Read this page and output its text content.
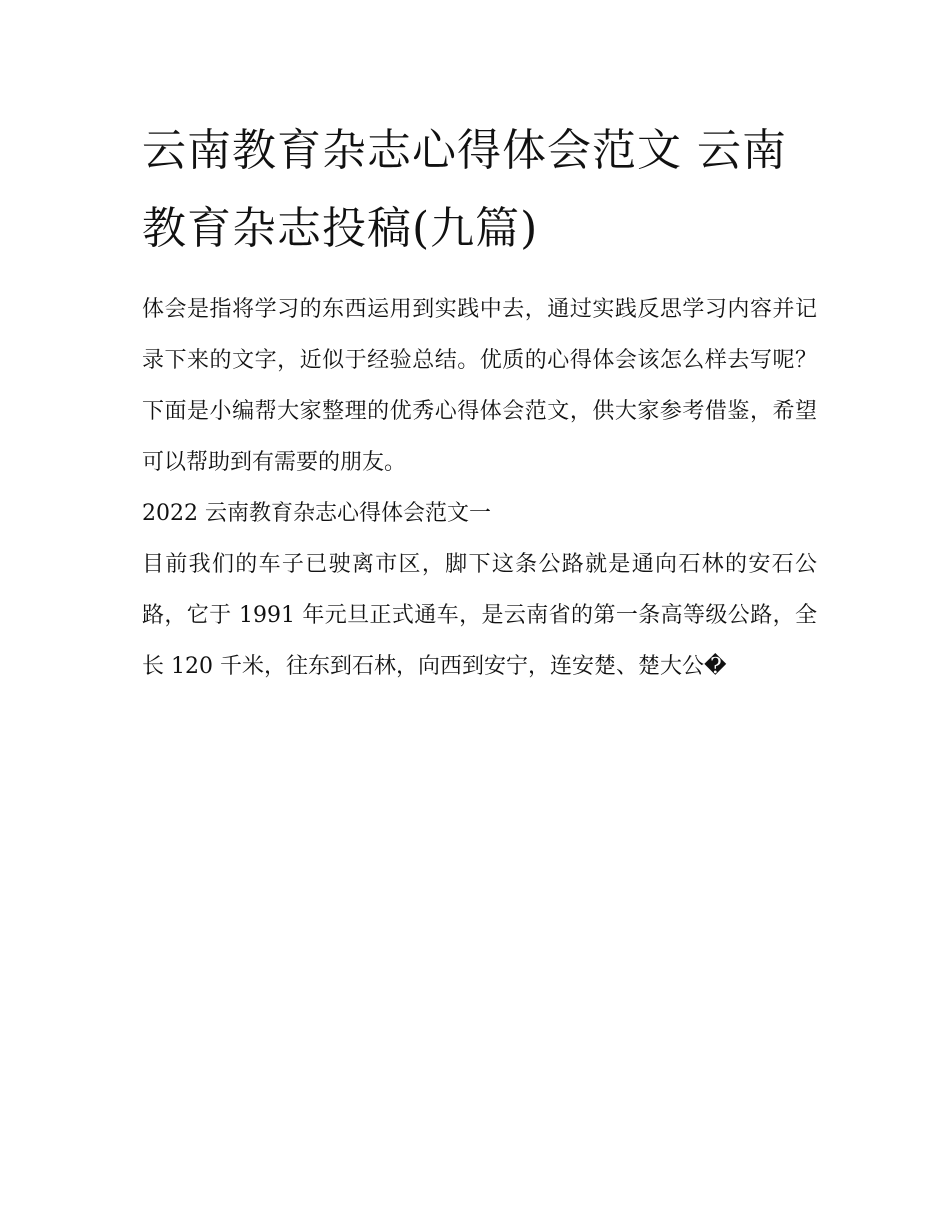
云南教育杂志心得体会范文 云南教育杂志投稿(九篇)

体会是指将学习的东西运用到实践中去，通过实践反思学习内容并记录下来的文字，近似于经验总结。优质的心得体会该怎么样去写呢？下面是小编帮大家整理的优秀心得体会范文，供大家参考借鉴，希望可以帮助到有需要的朋友。

2022 云南教育杂志心得体会范文一

目前我们的车子已驶离市区，脚下这条公路就是通向石林的安石公路，它于 1991 年元旦正式通车，是云南省的第一条高等级公路，全长 120 千米，往东到石林，向西到安宁，连安楚、楚大公�
